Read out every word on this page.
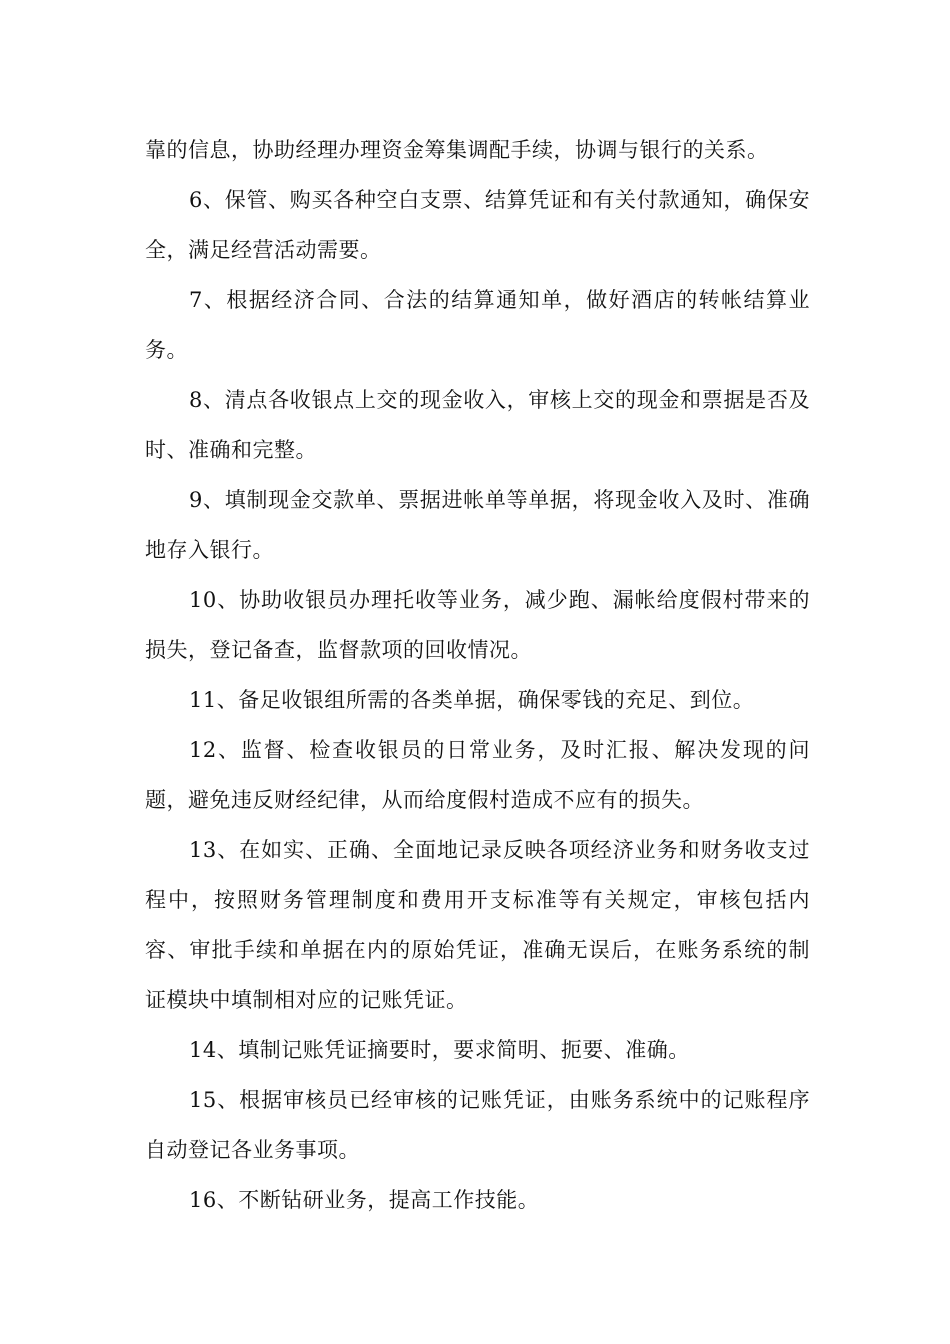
靠的信息，协助经理办理资金筹集调配手续，协调与银行的关系。

6、保管、购买各种空白支票、结算凭证和有关付款通知，确保安全，满足经营活动需要。

7、根据经济合同、合法的结算通知单，做好酒店的转帐结算业务。

8、清点各收银点上交的现金收入，审核上交的现金和票据是否及时、准确和完整。

9、填制现金交款单、票据进帐单等单据，将现金收入及时、准确地存入银行。

10、协助收银员办理托收等业务，减少跑、漏帐给度假村带来的损失，登记备查，监督款项的回收情况。

11、备足收银组所需的各类单据，确保零钱的充足、到位。

12、监督、检查收银员的日常业务，及时汇报、解决发现的问题，避免违反财经纪律，从而给度假村造成不应有的损失。

13、在如实、正确、全面地记录反映各项经济业务和财务收支过程中，按照财务管理制度和费用开支标准等有关规定，审核包括内容、审批手续和单据在内的原始凭证，准确无误后，在账务系统的制证模块中填制相对应的记账凭证。

14、填制记账凭证摘要时，要求简明、扼要、准确。

15、根据审核员已经审核的记账凭证，由账务系统中的记账程序自动登记各业务事项。

16、不断钻研业务，提高工作技能。
